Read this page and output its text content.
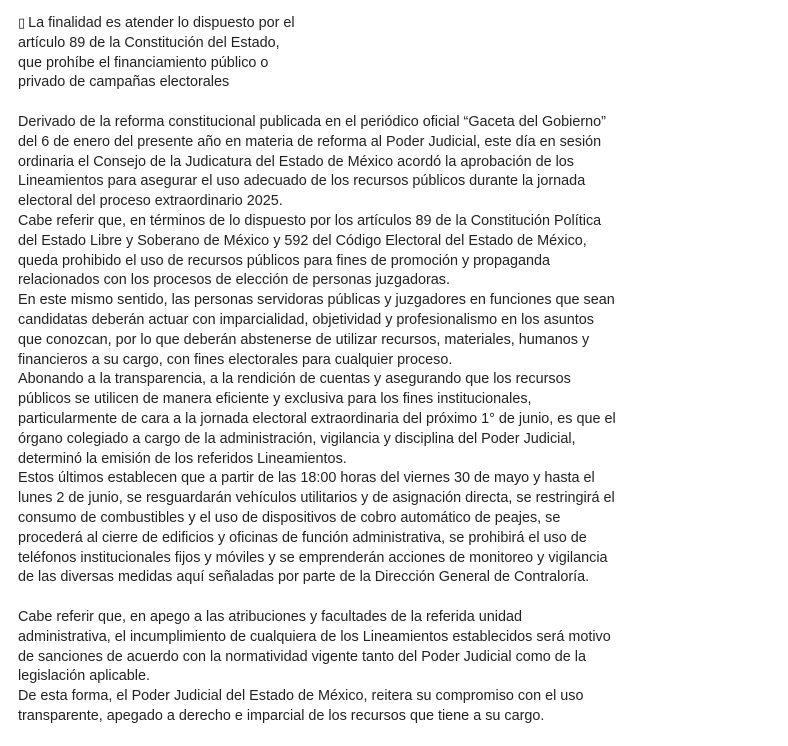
▯ La finalidad es atender lo dispuesto por el
artículo 89 de la Constitución del Estado,
que prohíbe el financiamiento público o
privado de campañas electorales

Derivado de la reforma constitucional publicada en el periódico oficial “Gaceta del Gobierno”
del 6 de enero del presente año en materia de reforma al Poder Judicial, este día en sesión
ordinaria el Consejo de la Judicatura del Estado de México acordó la aprobación de los
Lineamientos para asegurar el uso adecuado de los recursos públicos durante la jornada
electoral del proceso extraordinario 2025.

Cabe referir que, en términos de lo dispuesto por los artículos 89 de la Constitución Política
del Estado Libre y Soberano de México y 592 del Código Electoral del Estado de México,
queda prohibido el uso de recursos públicos para fines de promoción y propaganda
relacionados con los procesos de elección de personas juzgadoras.

En este mismo sentido, las personas servidoras públicas y juzgadores en funciones que sean
candidatas deberán actuar con imparcialidad, objetividad y profesionalismo en los asuntos
que conozcan, por lo que deberán abstenerse de utilizar recursos, materiales, humanos y
financieros a su cargo, con fines electorales para cualquier proceso.

Abonando a la transparencia, a la rendición de cuentas y asegurando que los recursos
públicos se utilicen de manera eficiente y exclusiva para los fines institucionales,
particularmente de cara a la jornada electoral extraordinaria del próximo 1° de junio, es que el
órgano colegiado a cargo de la administración, vigilancia y disciplina del Poder Judicial,
determinó la emisión de los referidos Lineamientos.

Estos últimos establecen que a partir de las 18:00 horas del viernes 30 de mayo y hasta el
lunes 2 de junio, se resguardarán vehículos utilitarios y de asignación directa, se restringirá el
consumo de combustibles y el uso de dispositivos de cobro automático de peajes, se
procederá al cierre de edificios y oficinas de función administrativa, se prohibirá el uso de
teléfonos institucionales fijos y móviles y se emprenderán acciones de monitoreo y vigilancia
de las diversas medidas aquí señaladas por parte de la Dirección General de Contraloría.

Cabe referir que, en apego a las atribuciones y facultades de la referida unidad
administrativa, el incumplimiento de cualquiera de los Lineamientos establecidos será motivo
de sanciones de acuerdo con la normatividad vigente tanto del Poder Judicial como de la
legislación aplicable.

De esta forma, el Poder Judicial del Estado de México, reitera su compromiso con el uso
transparente, apegado a derecho e imparcial de los recursos que tiene a su cargo.
